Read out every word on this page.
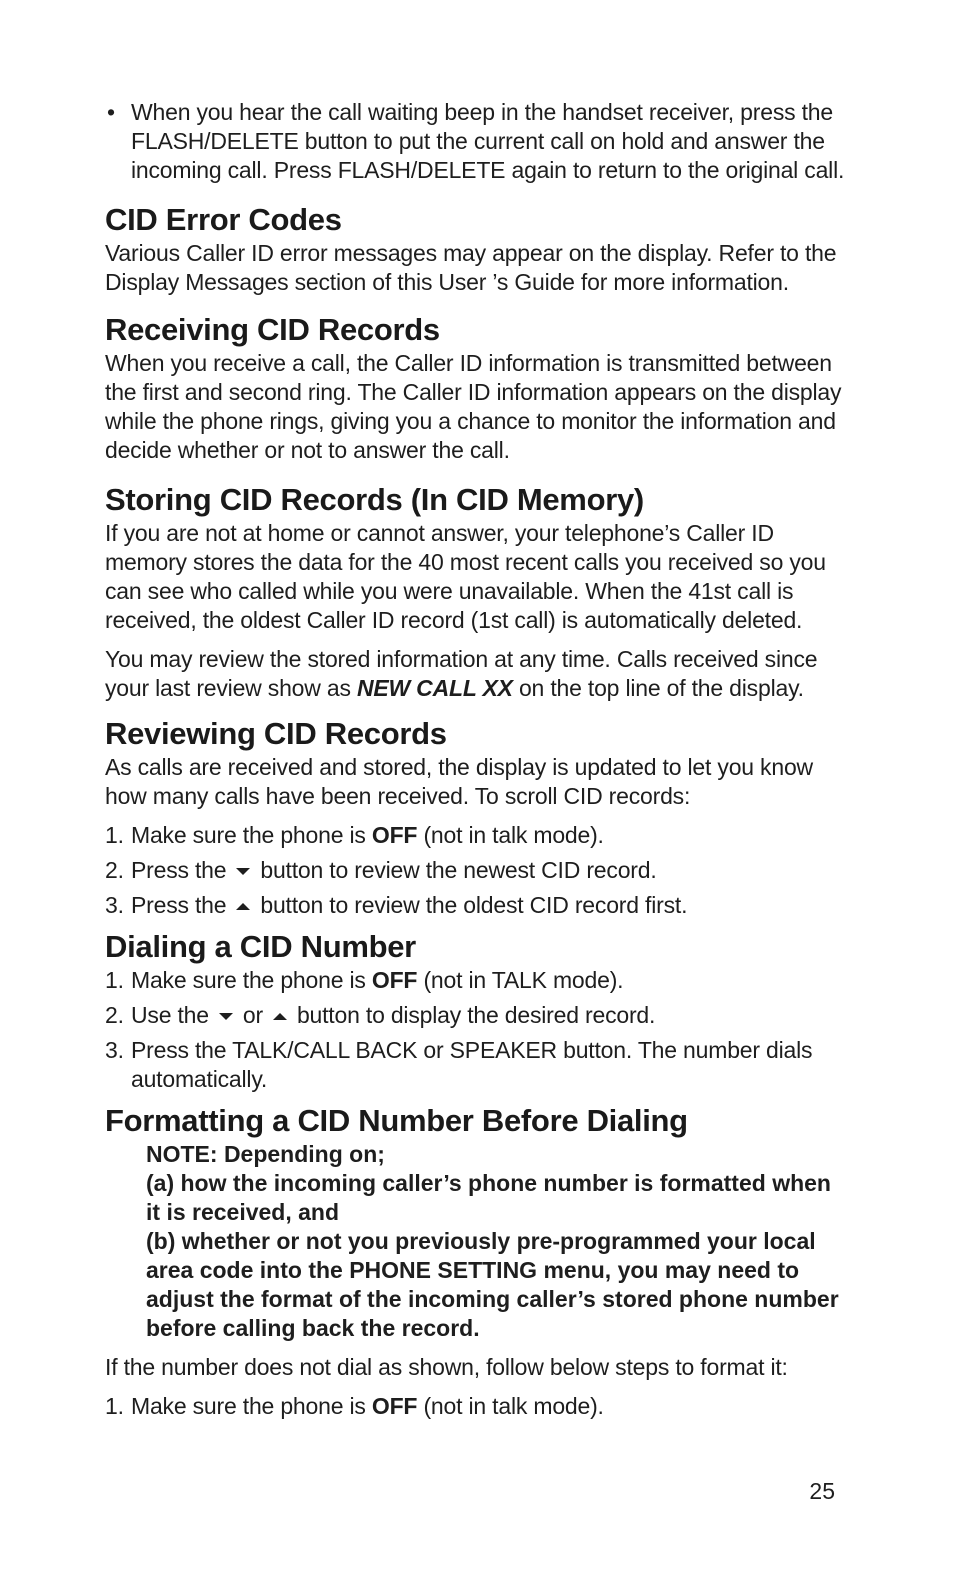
• When you hear the call waiting beep in the handset receiver, press the FLASH/DELETE button to put the current call on hold and answer the incoming call. Press FLASH/DELETE again to return to the original call.

CID Error Codes

Various Caller ID error messages may appear on the display. Refer to the Display Messages section of this User ’s Guide for more information.

Receiving CID Records

When you receive a call, the Caller ID information is transmitted between the first and second ring. The Caller ID information appears on the display while the phone rings, giving you a chance to monitor the information and decide whether or not to answer the call.

Storing CID Records (In CID Memory)

If you are not at home or cannot answer, your telephone’s Caller ID memory stores the data for the 40 most recent calls you received so you can see who called while you were unavailable. When the 41st call is received, the oldest Caller ID record (1st call) is automatically deleted.

You may review the stored information at any time. Calls received since your last review show as NEW CALL XX on the top line of the display.

Reviewing CID Records

As calls are received and stored, the display is updated to let you know how many calls have been received. To scroll CID records:

1. Make sure the phone is OFF (not in talk mode).
2. Press the button to review the newest CID record.
3. Press the button to review the oldest CID record first.
Dialing a CID Number
1. Make sure the phone is OFF (not in TALK mode).
2. Use the or button to display the desired record.
3. Press the TALK/CALL BACK or SPEAKER button. The number dials automatically.
Formatting a CID Number Before Dialing
NOTE: Depending on;
(a) how the incoming caller’s phone number is formatted when it is received, and
(b) whether or not you previously pre-programmed your local area code into the PHONE SETTING menu, you may need to adjust the format of the incoming caller’s stored phone number before calling back the record.

If the number does not dial as shown, follow below steps to format it:

1. Make sure the phone is OFF (not in talk mode).
25
